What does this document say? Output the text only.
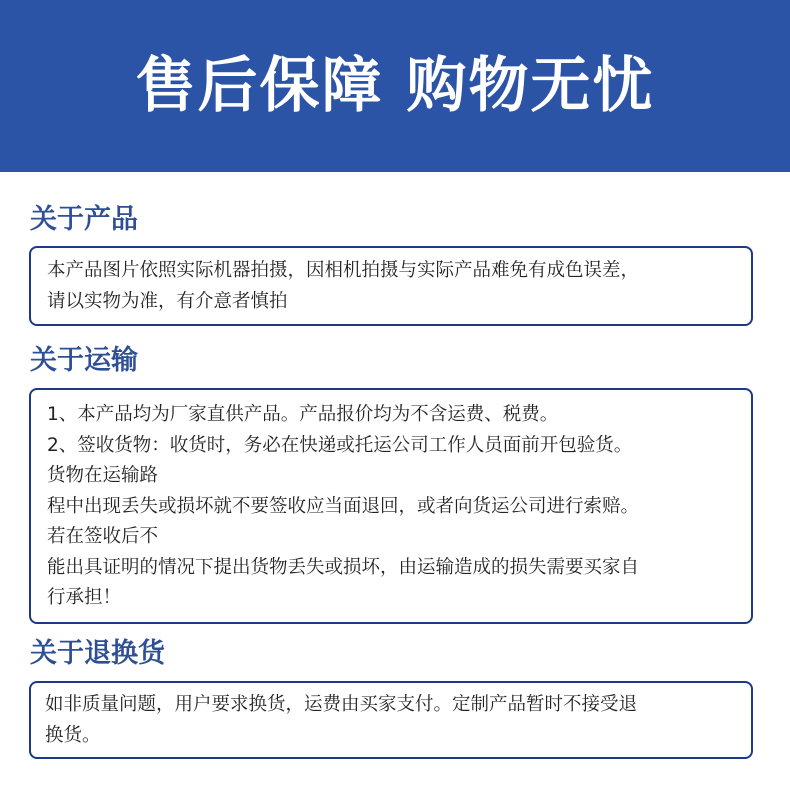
售后保障 购物无忧
关于产品

本产品图片依照实际机器拍摄，因相机拍摄与实际产品难免有成色误差，

请以实物为准，有介意者慎拍

关于运输

1、本产品均为厂家直供产品。产品报价均为不含运费、税费。

2、签收货物：收货时，务必在快递或托运公司工作人员面前开包验货。

货物在运输路

程中出现丢失或损坏就不要签收应当面退回，或者向货运公司进行索赔。

若在签收后不

能出具证明的情况下提出货物丢失或损坏，由运输造成的损失需要买家自

行承担！

关于退换货

如非质量问题，用户要求换货，运费由买家支付。定制产品暂时不接受退

换货。
